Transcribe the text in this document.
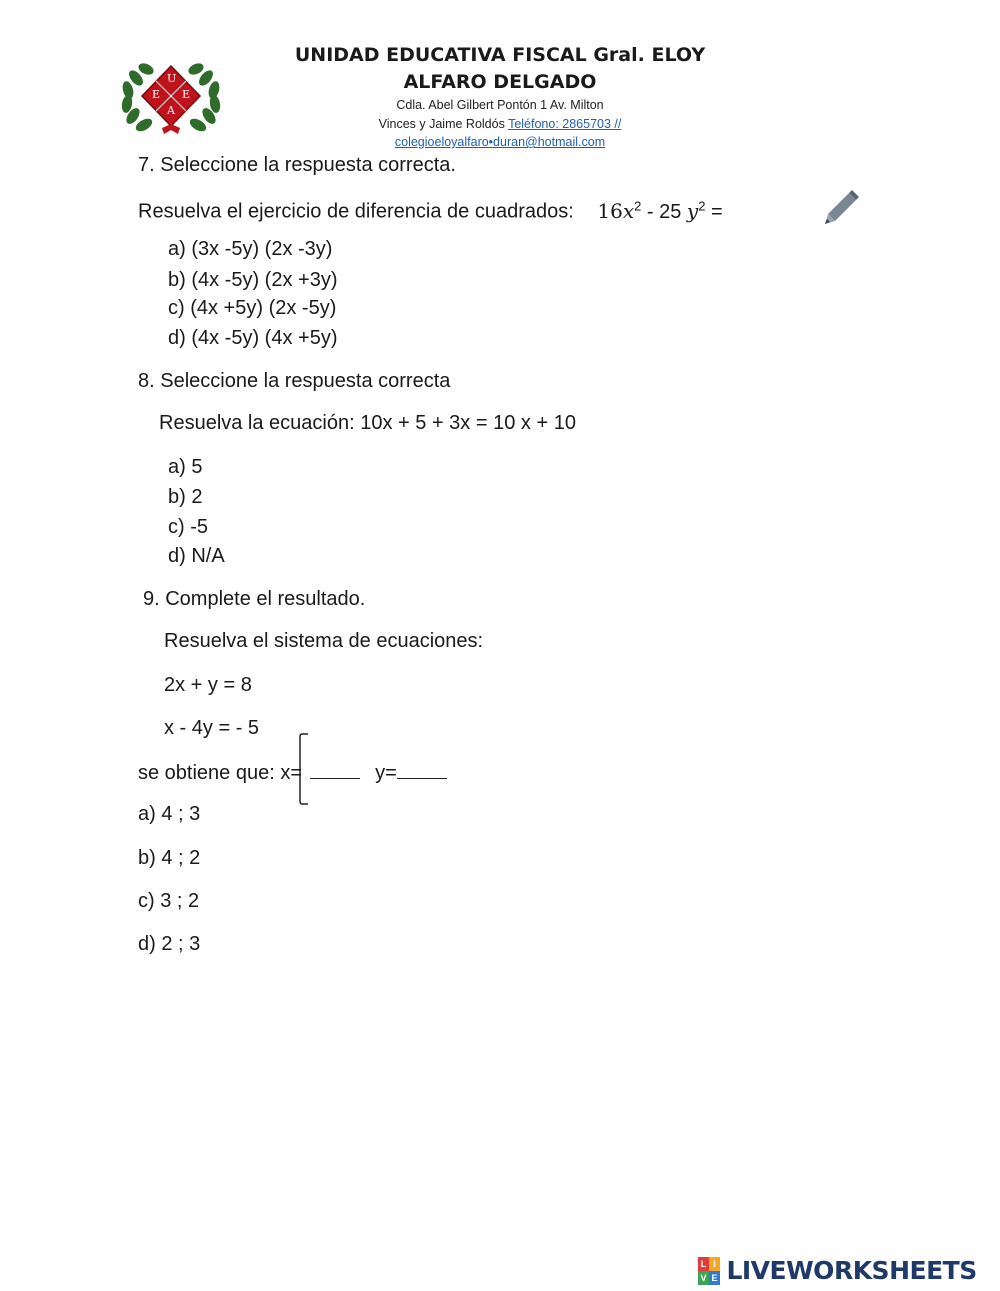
U
E E
A
UNIDAD EDUCATIVA FISCAL Gral. ELOY
ALFARO DELGADO
Cdla. Abel Gilbert Pontón 1 Av. Milton
Vinces y Jaime Roldós Teléfono: 2865703 //
colegioeloyalfaro•duran@hotmail.com
7. Seleccione la respuesta correcta.
Resuelva el ejercicio de diferencia de cuadrados: $16x^2 - 25$ $y^2$ =
a) (3x -5y) (2x -3y)
b) (4x -5y) (2x +3y)
c) (4x +5y) (2x -5y)
d) (4x -5y) (4x +5y)
8. Seleccione la respuesta correcta
Resuelva la ecuación: 10x + 5 + 3x = 10 x + 10
a) 5
b) 2
c) -5
d) N/A
9. Complete el resultado.
Resuelva el sistema de ecuaciones:
2x + y = 8
x - 4y = - 5
se obtiene que: x=	y=
a) 4 ; 3
b) 4 ; 2
c) 3 ; 2
d) 2 ; 3
L I
V E LIVEWORKSHEETS
